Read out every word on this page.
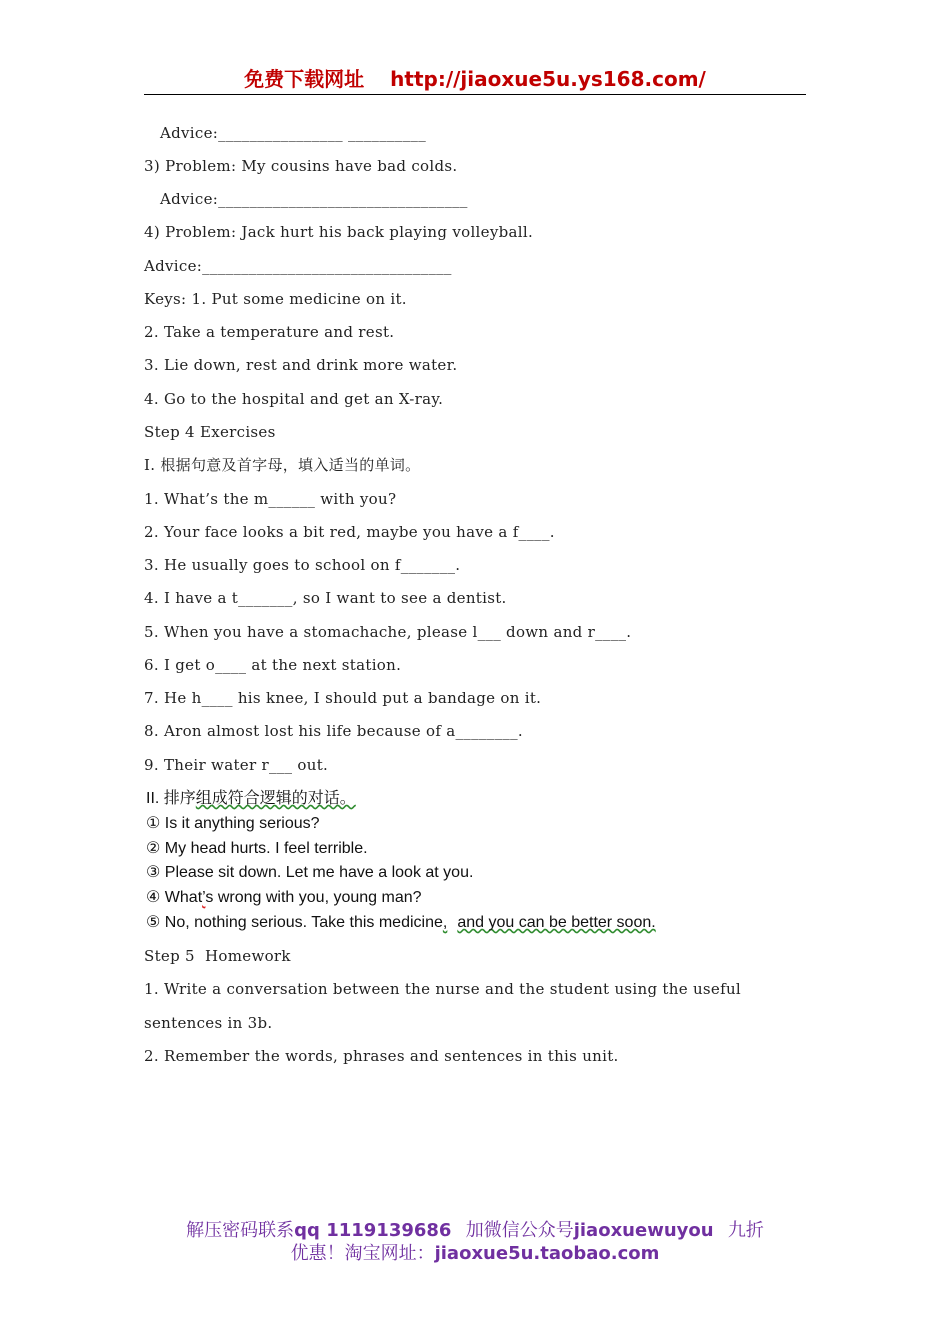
免费下载网址 http://jiaoxue5u.ys168.com/
Advice:________________ __________
3) Problem: My cousins have bad colds.
Advice:________________________________
4) Problem: Jack hurt his back playing volleyball.
Advice:________________________________
Keys: 1. Put some medicine on it.
2. Take a temperature and rest.
3. Lie down, rest and drink more water.
4. Go to the hospital and get an X-ray.
Step 4 Exercises
I. 根据句意及首字母，填入适当的单词。
1. What’s the m______ with you?
2. Your face looks a bit red, maybe you have a f____.
3. He usually goes to school on f_______.
4. I have a t_______, so I want to see a dentist.
5. When you have a stomachache, please l___ down and r____.
6. I get o____ at the next station.
7. He h____ his knee, I should put a bandage on it.
8. Aron almost lost his life because of a________.
9. Their water r___ out.
II. 排序组成符合逻辑的对话。
① Is it anything serious?
② My head hurts. I feel terrible.
③ Please sit down. Let me have a look at you.
④ What’s wrong with you, young man?
⑤ No, nothing serious. Take this medicine, and you can be better soon.
Step 5  Homework
1. Write a conversation between the nurse and the student using the useful
sentences in 3b.
2. Remember the words, phrases and sentences in this unit.
解压密码联系qq 1119139686 加微信公众号jiaoxuewuyou 九折
优惠！淘宝网址：jiaoxue5u.taobao.com
